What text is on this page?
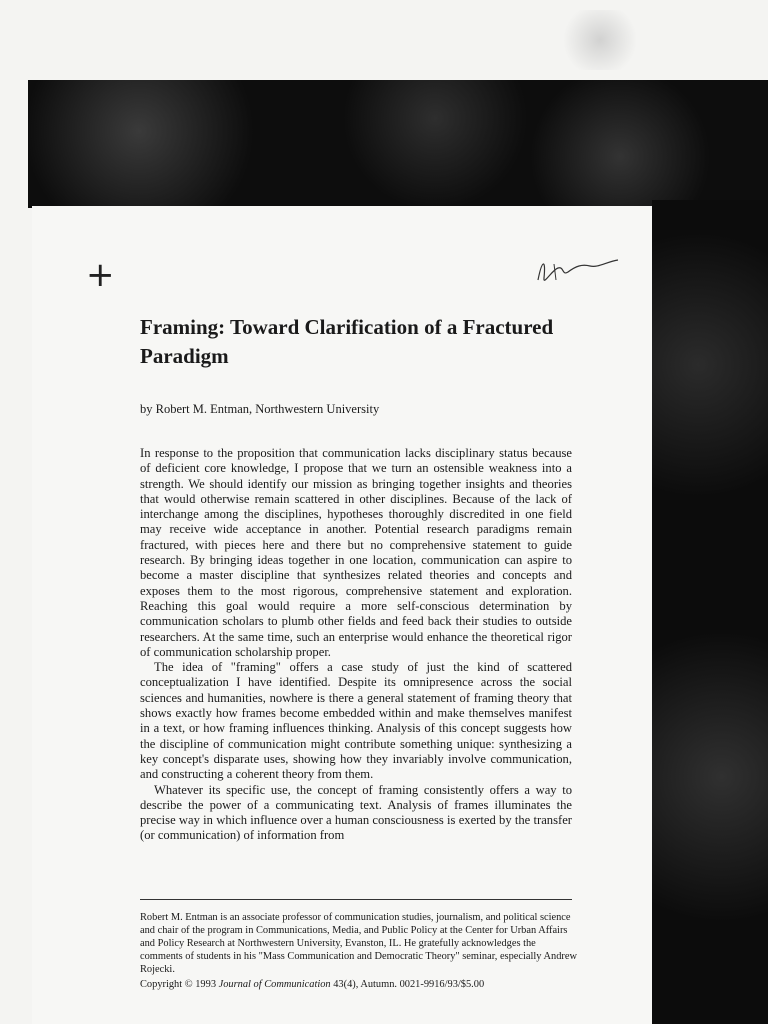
+
Framing: Toward Clarification of a Fractured Paradigm
by Robert M. Entman, Northwestern University

In response to the proposition that communication lacks disciplinary status because of deficient core knowledge, I propose that we turn an ostensible weakness into a strength. We should identify our mission as bringing together insights and theories that would otherwise remain scattered in other disciplines. Because of the lack of interchange among the disciplines, hypotheses thoroughly discredited in one field may receive wide acceptance in another. Potential research paradigms remain fractured, with pieces here and there but no comprehensive statement to guide research. By bringing ideas together in one location, communication can aspire to become a master discipline that synthesizes related theories and concepts and exposes them to the most rigorous, comprehensive statement and exploration. Reaching this goal would require a more self-conscious determination by communication scholars to plumb other fields and feed back their studies to outside researchers. At the same time, such an enterprise would enhance the theoretical rigor of communication scholarship proper.

The idea of "framing" offers a case study of just the kind of scattered conceptualization I have identified. Despite its omnipresence across the social sciences and humanities, nowhere is there a general statement of framing theory that shows exactly how frames become embedded within and make themselves manifest in a text, or how framing influences thinking. Analysis of this concept suggests how the discipline of communication might contribute something unique: synthesizing a key concept's disparate uses, showing how they invariably involve communication, and constructing a coherent theory from them.

Whatever its specific use, the concept of framing consistently offers a way to describe the power of a communicating text. Analysis of frames illuminates the precise way in which influence over a human consciousness is exerted by the transfer (or communication) of information from

Robert M. Entman is an associate professor of communication studies, journalism, and political science and chair of the program in Communications, Media, and Public Policy at the Center for Urban Affairs and Policy Research at Northwestern University, Evanston, IL. He gratefully acknowledges the comments of students in his "Mass Communication and Democratic Theory" seminar, especially Andrew Rojecki.
Copyright © 1993 Journal of Communication 43(4), Autumn. 0021-9916/93/$5.00
